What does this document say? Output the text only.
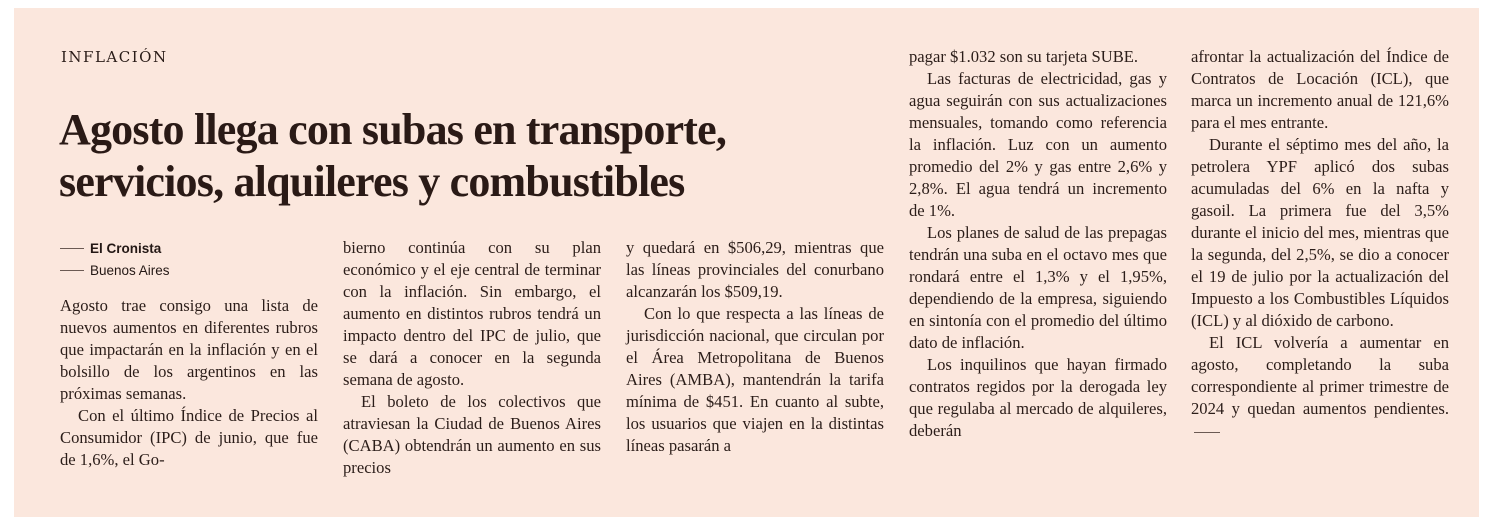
INFLACIÓN
Agosto llega con subas en transporte, servicios, alquileres y combustibles
El Cronista
Buenos Aires

Agosto trae consigo una lista de nuevos aumentos en diferentes rubros que impactarán en la inflación y en el bolsillo de los argentinos en las próximas semanas.

Con el último Índice de Precios al Consumidor (IPC) de junio, que fue de 1,6%, el Go-

bierno continúa con su plan económico y el eje central de terminar con la inflación. Sin embargo, el aumento en distintos rubros tendrá un impacto dentro del IPC de julio, que se dará a conocer en la segunda semana de agosto.

El boleto de los colectivos que atraviesan la Ciudad de Buenos Aires (CABA) obtendrán un aumento en sus precios

y quedará en $506,29, mientras que las líneas provinciales del conurbano alcanzarán los $509,19.

Con lo que respecta a las líneas de jurisdicción nacional, que circulan por el Área Metropolitana de Buenos Aires (AMBA), mantendrán la tarifa mínima de $451. En cuanto al subte, los usuarios que viajen en la distintas líneas pasarán a

pagar $1.032 son su tarjeta SUBE.

Las facturas de electricidad, gas y agua seguirán con sus actualizaciones mensuales, tomando como referencia la inflación. Luz con un aumento promedio del 2% y gas entre 2,6% y 2,8%. El agua tendrá un incremento de 1%.

Los planes de salud de las prepagas tendrán una suba en el octavo mes que rondará entre el 1,3% y el 1,95%, dependiendo de la empresa, siguiendo en sintonía con el promedio del último dato de inflación.

Los inquilinos que hayan firmado contratos regidos por la derogada ley que regulaba al mercado de alquileres, deberán

afrontar la actualización del Índice de Contratos de Locación (ICL), que marca un incremento anual de 121,6% para el mes entrante.

Durante el séptimo mes del año, la petrolera YPF aplicó dos subas acumuladas del 6% en la nafta y gasoil. La primera fue del 3,5% durante el inicio del mes, mientras que la segunda, del 2,5%, se dio a conocer el 19 de julio por la actualización del Impuesto a los Combustibles Líquidos (ICL) y al dióxido de carbono.

El ICL volvería a aumentar en agosto, completando la suba correspondiente al primer trimestre de 2024 y quedan aumentos pendientes.
